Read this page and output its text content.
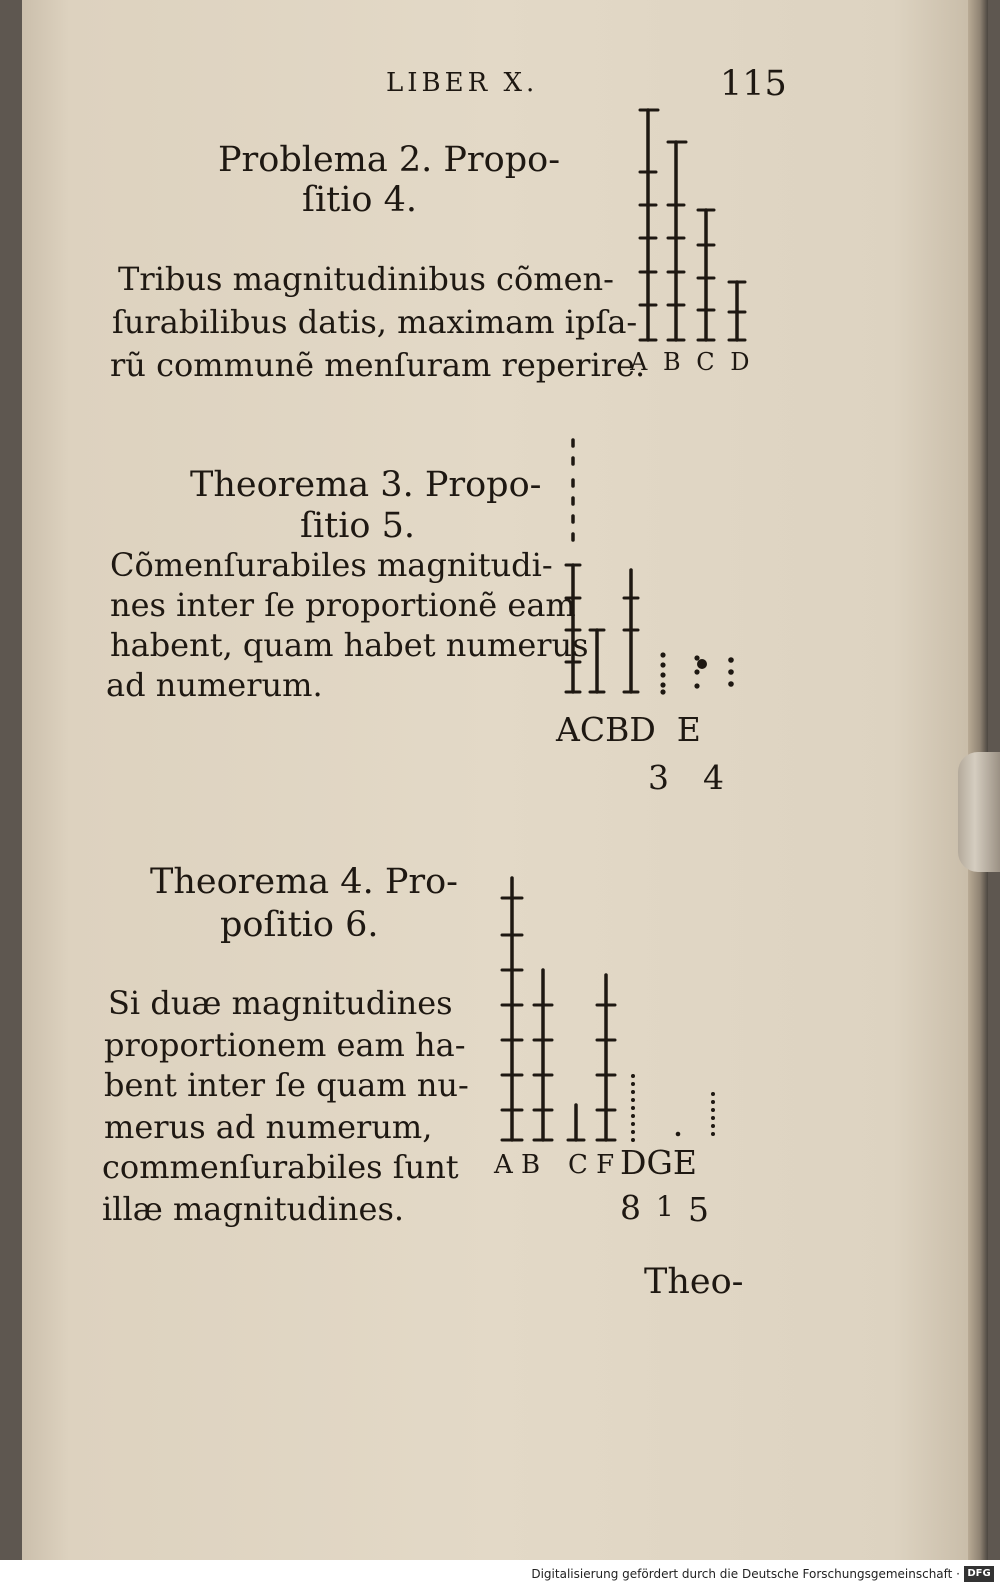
LIBER X.	115
Problema 2. Propo-
ſitio 4.
Tribus magnitudinibus cõmen-
ſurabilibus datis, maximam ipſa-
rũ communẽ menſuram reperire.
A B C D
Theorema 3. Propo-
ſitio 5.
Cõmenſurabiles magnitudi-
nes inter ſe proportionẽ eam
habent, quam habet numerus
ad numerum.
ACBD  E
3 4
Theorema 4. Pro-
poſitio 6.
Si duæ magnitudines
proportionem eam ha-
bent inter ſe quam nu-
merus ad numerum,
commenſurabiles ſunt
illæ magnitudines.
A B C F DGE
8 1 5
Theo-
Digitalisierung gefördert durch die Deutsche Forschungsgemeinschaft · DFG
